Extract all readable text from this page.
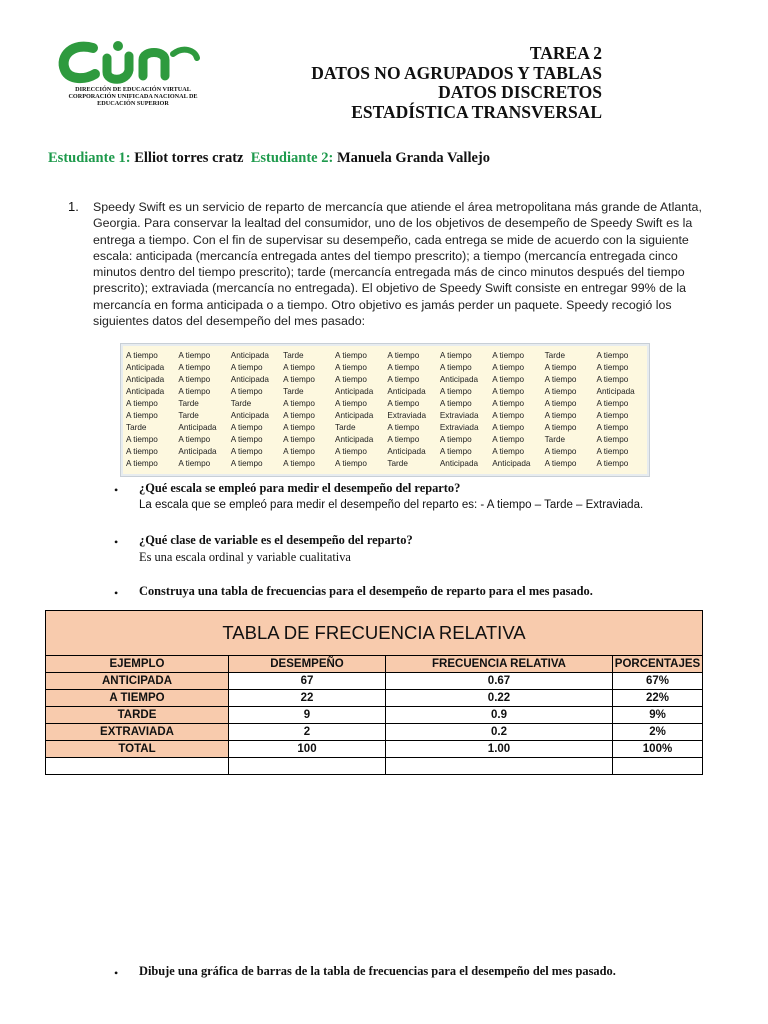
DIRECCIÓN DE EDUCACIÓN VIRTUAL
CORPORACIÓN UNIFICADA NACIONAL DE
EDUCACIÓN SUPERIOR
TAREA 2
DATOS NO AGRUPADOS Y TABLAS
DATOS DISCRETOS
ESTADÍSTICA TRANSVERSAL
Estudiante 1: Elliot torres cratz Estudiante 2: Manuela Granda Vallejo
1. Speedy Swift es un servicio de reparto de mercancía que atiende el área metropolitana más grande de Atlanta,
Georgia. Para conservar la lealtad del consumidor, uno de los objetivos de desempeño de Speedy Swift es la
entrega a tiempo. Con el fin de supervisar su desempeño, cada entrega se mide de acuerdo con la siguiente
escala: anticipada (mercancía entregada antes del tiempo prescrito); a tiempo (mercancía entregada cinco
minutos dentro del tiempo prescrito); tarde (mercancía entregada más de cinco minutos después del tiempo
prescrito); extraviada (mercancía no entregada). El objetivo de Speedy Swift consiste en entregar 99% de la
mercancía en forma anticipada o a tiempo. Otro objetivo es jamás perder un paquete. Speedy recogió los
siguientes datos del desempeño del mes pasado:
A tiempo	A tiempo	Anticipada	Tarde	A tiempo	A tiempo	A tiempo	A tiempo	Tarde	A tiempo
Anticipada	A tiempo	A tiempo	A tiempo	A tiempo	A tiempo	A tiempo	A tiempo	A tiempo	A tiempo
Anticipada	A tiempo	Anticipada	A tiempo	A tiempo	A tiempo	Anticipada	A tiempo	A tiempo	A tiempo
Anticipada	A tiempo	A tiempo	Tarde	Anticipada	Anticipada	A tiempo	A tiempo	A tiempo	Anticipada
A tiempo	Tarde	Tarde	A tiempo	A tiempo	A tiempo	A tiempo	A tiempo	A tiempo	A tiempo
A tiempo	Tarde	Anticipada	A tiempo	Anticipada	Extraviada	Extraviada	A tiempo	A tiempo	A tiempo
Tarde	Anticipada	A tiempo	A tiempo	Tarde	A tiempo	Extraviada	A tiempo	A tiempo	A tiempo
A tiempo	A tiempo	A tiempo	A tiempo	Anticipada	A tiempo	A tiempo	A tiempo	Tarde	A tiempo
A tiempo	Anticipada	A tiempo	A tiempo	A tiempo	Anticipada	A tiempo	A tiempo	A tiempo	A tiempo
A tiempo	A tiempo	A tiempo	A tiempo	A tiempo	Tarde	Anticipada	Anticipada	A tiempo	A tiempo
• ¿Qué escala se empleó para medir el desempeño del reparto?
La escala que se empleó para medir el desempeño del reparto es: - A tiempo – Tarde – Extraviada.
• ¿Qué clase de variable es el desempeño del reparto?
Es una escala ordinal y variable cualitativa
• Construya una tabla de frecuencias para el desempeño de reparto para el mes pasado.
TABLA DE FRECUENCIA RELATIVA			
EJEMPLO	DESEMPEÑO	FRECUENCIA RELATIVA	PORCENTAJES
ANTICIPADA	67	0.67	67%
A TIEMPO	22	0.22	22%
TARDE	9	0.9	9%
EXTRAVIADA	2	0.2	2%
TOTAL	100	1.00	100%

• Dibuje una gráfica de barras de la tabla de frecuencias para el desempeño del mes pasado.
